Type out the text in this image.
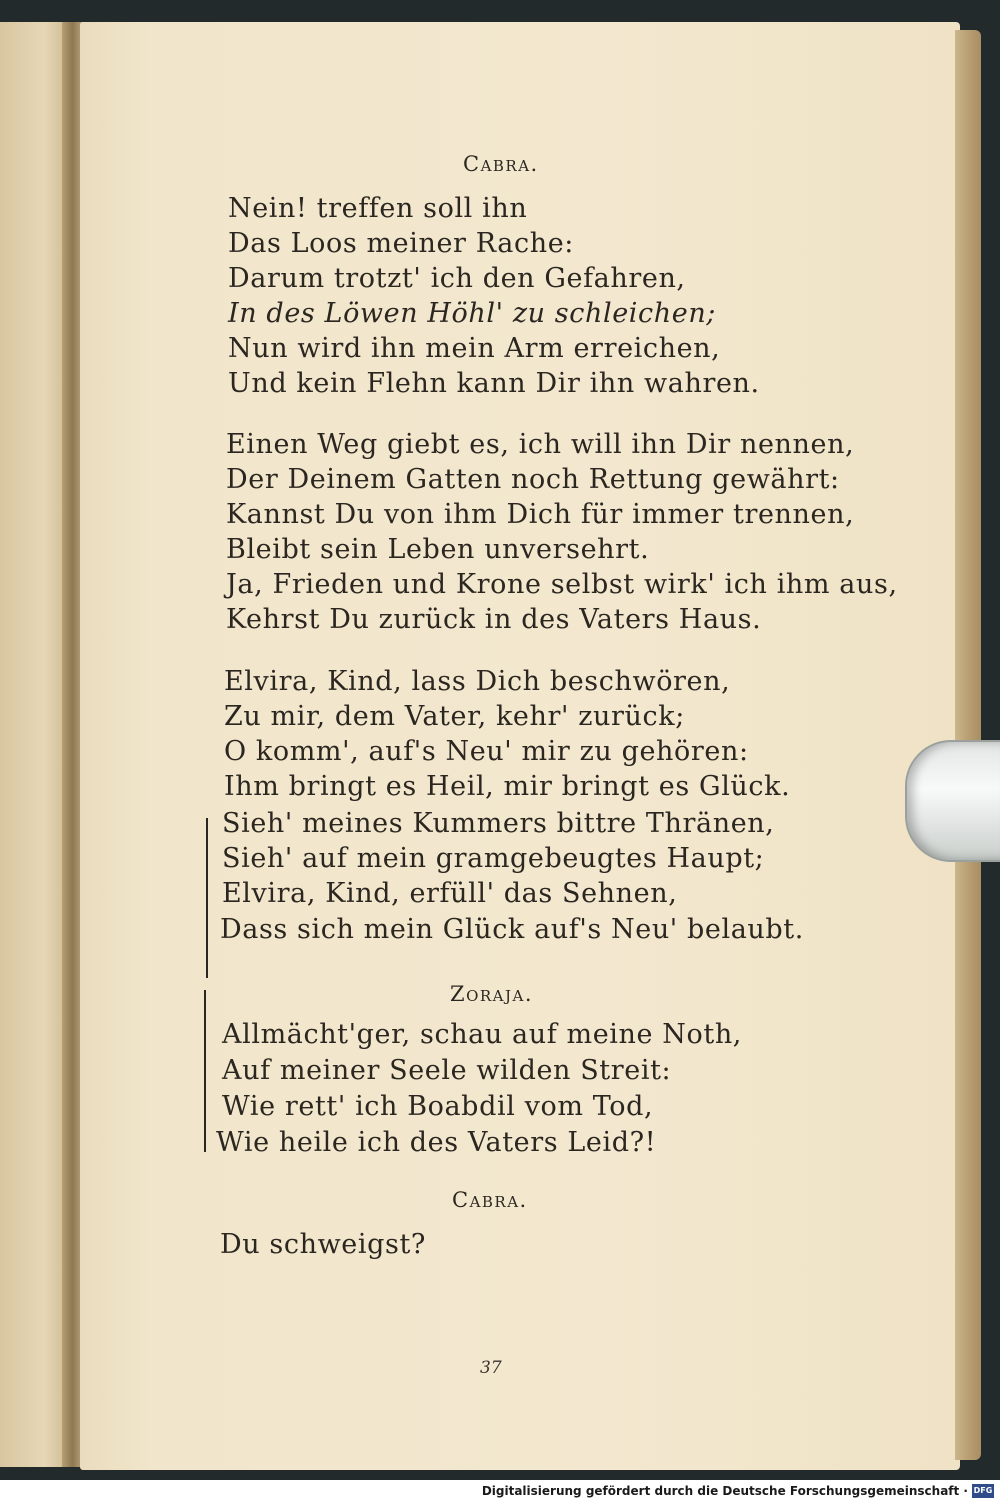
Cabra.
Nein! treffen soll ihn
Das Loos meiner Rache:
Darum trotzt' ich den Gefahren,
In des Löwen Höhl' zu schleichen;
Nun wird ihn mein Arm erreichen,
Und kein Flehn kann Dir ihn wahren.
Einen Weg giebt es, ich will ihn Dir nennen,
Der Deinem Gatten noch Rettung gewährt:
Kannst Du von ihm Dich für immer trennen,
Bleibt sein Leben unversehrt.
Ja, Frieden und Krone selbst wirk' ich ihm aus,
Kehrst Du zurück in des Vaters Haus.
Elvira, Kind, lass Dich beschwören,
Zu mir, dem Vater, kehr' zurück;
O komm', auf's Neu' mir zu gehören:
Ihm bringt es Heil, mir bringt es Glück.
Sieh' meines Kummers bittre Thränen,
Sieh' auf mein gramgebeugtes Haupt;
Elvira, Kind, erfüll' das Sehnen,
Dass sich mein Glück auf's Neu' belaubt.
Zoraja.
Allmächt'ger, schau auf meine Noth,
Auf meiner Seele wilden Streit:
Wie rett' ich Boabdil vom Tod,
Wie heile ich des Vaters Leid?!
Cabra.
Du schweigst?
37
Digitalisierung gefördert durch die Deutsche Forschungsgemeinschaft · DFG
